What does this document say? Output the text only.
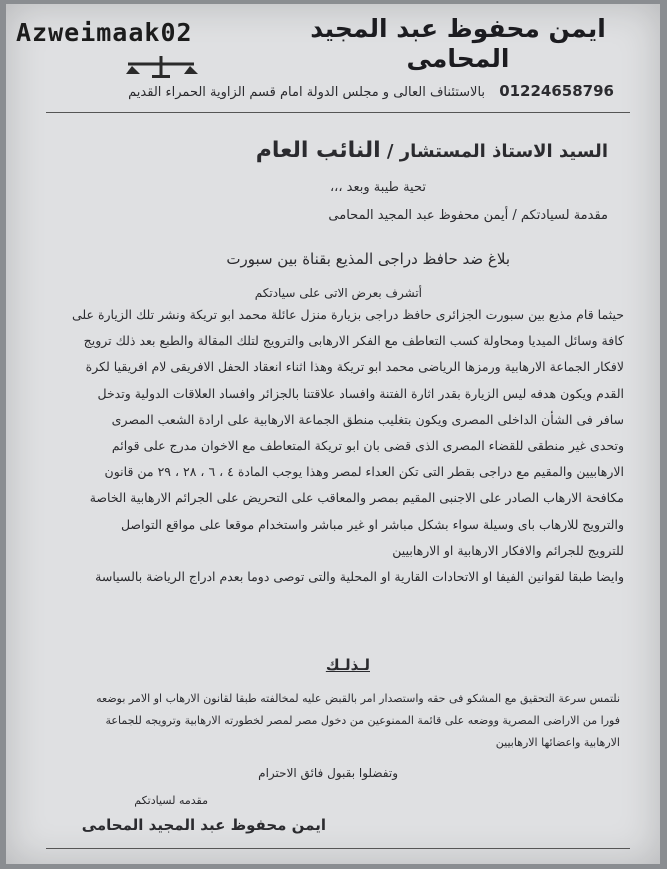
Azweimaak02	ايمن محفوظ عبد المجيد المحامى
01224658796 بالاستئناف العالى و مجلس الدولة امام قسم الزاوية الحمراء القديم
السيد الاستاذ المستشار / النائب العام
تحية طيبة وبعد ،،،
مقدمة لسيادتكم / أيمن محفوظ عبد المجيد المحامى
بلاغ ضد حافظ دراجى المذيع بقناة بين سبورت
أتشرف بعرض الاتى على سيادتكم
حيثما قام مذيع بين سبورت الجزائرى حافظ دراجى بزيارة منزل عائلة محمد ابو تريكة ونشر تلك الزيارة على
كافة وسائل الميديا ومحاولة كسب التعاطف مع الفكر الارهابى والترويج لتلك المقالة والطبع بعد ذلك ترويج
لافكار الجماعة الارهابية ورمزها الرياضى محمد ابو تريكة وهذا اثناء انعقاد الحفل الافريقى لام افريقيا لكرة
القدم ويكون هدفه ليس الزيارة بقدر اثارة الفتنة وافساد علاقتنا بالجزائر وافساد العلاقات الدولية وتدخل
سافر فى الشأن الداخلى المصرى ويكون بتغليب منطق الجماعة الارهابية على ارادة الشعب المصرى
وتحدى غير منطقى للقضاء المصرى الذى قضى بان ابو تريكة المتعاطف مع الاخوان مدرج على قوائم
الارهابيين والمقيم مع دراجى بقطر التى تكن العداء لمصر وهذا يوجب المادة ٤ ، ٦ ، ٢٨ ، ٢٩ من قانون
مكافحة الارهاب الصادر على الاجنبى المقيم بمصر والمعاقب على التحريض على الجرائم الارهابية الخاصة
والترويج للارهاب باى وسيلة سواء بشكل مباشر او غير مباشر واستخدام موقعا على مواقع التواصل
للترويج للجرائم والافكار الارهابية او الارهابيين
وايضا طبقا لقوانين الفيفا او الاتحادات القارية او المحلية والتى توصى دوما بعدم ادراج الرياضة بالسياسة
لـذلـك
نلتمس سرعة التحقيق مع المشكو فى حقه واستصدار امر بالقبض عليه لمخالفته طبقا لقانون الارهاب او الامر بوضعه
فورا من الاراضى المصرية ووضعه على قائمة الممنوعين من دخول مصر لمصر لخطورته الارهابية وترويجه للجماعة
الارهابية واعضائها الارهابيين
وتفضلوا بقبول فائق الاحترام
مقدمه لسيادتكم
ايمن محفوظ عبد المجيد المحامى
